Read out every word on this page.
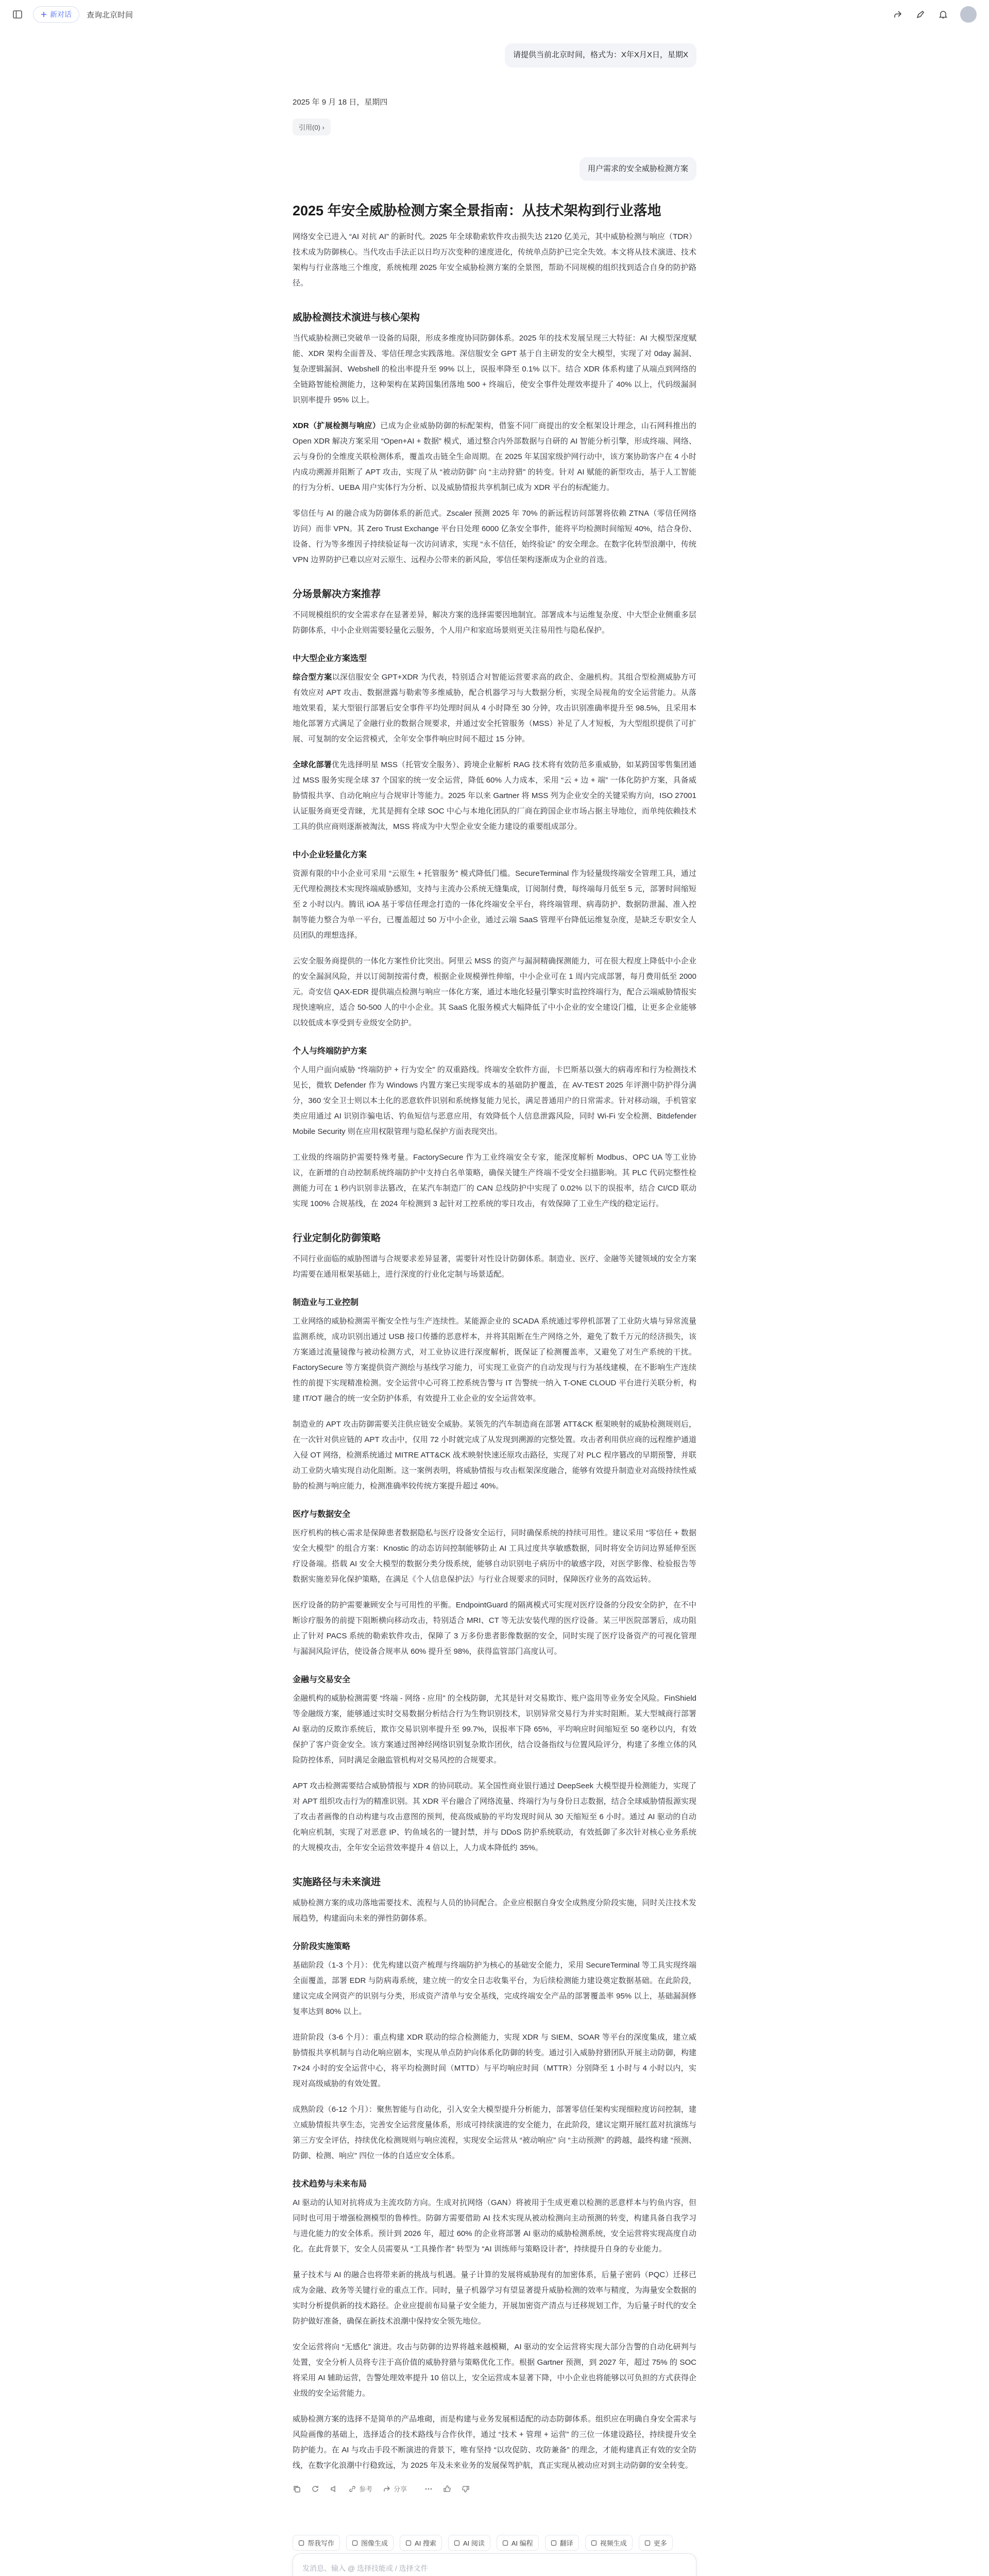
新对话 查询北京时间
请提供当前北京时间，格式为：X年X月X日，星期X
2025 年 9 月 18 日，星期四
引用(0) ›
用户需求的安全威胁检测方案
2025 年安全威胁检测方案全景指南：从技术架构到行业落地

网络安全已进入 “AI 对抗 AI” 的新时代。2025 年全球勒索软件攻击损失达 2120 亿美元，其中威胁检测与响应（TDR）技术成为防御核心。当代攻击手法正以日均万次变种的速度进化，传统单点防护已完全失效。本文将从技术演进、技术架构与行业落地三个维度，系统梳理 2025 年安全威胁检测方案的全景图，帮助不同规模的组织找到适合自身的防护路径。

威胁检测技术演进与核心架构

当代威胁检测已突破单一设备的局限，形成多维度协同防御体系。2025 年的技术发展呈现三大特征：AI 大模型深度赋能、XDR 架构全面普及、零信任理念实践落地。深信服安全 GPT 基于自主研发的安全大模型，实现了对 0day 漏洞、复杂逻辑漏洞、Webshell 的检出率提升至 99% 以上，误报率降至 0.1% 以下。结合 XDR 体系构建了从端点到网络的全链路智能检测能力，这种架构在某跨国集团落地 500 + 终端后，使安全事件处理效率提升了 40% 以上，代码级漏洞识别率提升 95% 以上。

XDR（扩展检测与响应）已成为企业威胁防御的标配架构，借鉴不同厂商提出的安全框架设计理念，山石网科推出的 Open XDR 解决方案采用 “Open+AI + 数据” 模式，通过整合内外部数据与自研的 AI 智能分析引擎，形成终端、网络、云与身份的全维度关联检测体系，覆盖攻击链全生命周期。在 2025 年某国家级护网行动中，该方案协助客户在 4 小时内成功溯源并阻断了 APT 攻击，实现了从 “被动防御” 向 “主动狩猎” 的转变。针对 AI 赋能的新型攻击，基于人工智能的行为分析、UEBA 用户实体行为分析、以及威胁情报共享机制已成为 XDR 平台的标配能力。

零信任与 AI 的融合成为防御体系的新范式。Zscaler 预测 2025 年 70% 的新远程访问部署将依赖 ZTNA（零信任网络访问）而非 VPN。其 Zero Trust Exchange 平台日处理 6000 亿条安全事件，能将平均检测时间缩短 40%，结合身份、设备、行为等多维因子持续验证每一次访问请求，实现 “永不信任，始终验证” 的安全理念。在数字化转型浪潮中，传统 VPN 边界防护已难以应对云原生、远程办公带来的新风险，零信任架构逐渐成为企业的首选。

分场景解决方案推荐

不同规模组织的安全需求存在显著差异，解决方案的选择需要因地制宜。部署成本与运维复杂度、中大型企业侧重多层防御体系，中小企业则需要轻量化云服务，个人用户和家庭场景则更关注易用性与隐私保护。

中大型企业方案选型

综合型方案以深信服安全 GPT+XDR 为代表，特别适合对智能运营要求高的政企、金融机构。其组合型检测威胁方可有效应对 APT 攻击、数据泄露与勒索等多维威胁，配合机器学习与大数据分析，实现全局视角的安全运营能力。从落地效果看，某大型银行部署后安全事件平均处理时间从 4 小时降至 30 分钟，攻击识别准确率提升至 98.5%，且采用本地化部署方式满足了金融行业的数据合规要求，并通过安全托管服务（MSS）补足了人才短板，为大型组织提供了可扩展、可复制的安全运营模式，全年安全事件响应时间不超过 15 分钟。

全球化部署优先选择明星 MSS（托管安全服务）、跨境企业解析 RAG 技术将有效防范多重威胁，如某跨国零售集团通过 MSS 服务实现全球 37 个国家的统一安全运营，降低 60% 人力成本，采用 “云 + 边 + 端” 一体化防护方案，具备威胁情报共享、自动化响应与合规审计等能力。2025 年以来 Gartner 将 MSS 列为企业安全的关键采购方向，ISO 27001 认证服务商更受青睐，尤其是拥有全球 SOC 中心与本地化团队的厂商在跨国企业市场占据主导地位，而单纯依赖技术工具的供应商则逐渐被淘汰，MSS 将成为中大型企业安全能力建设的重要组成部分。

中小企业轻量化方案

资源有限的中小企业可采用 “云原生 + 托管服务” 模式降低门槛。SecureTerminal 作为轻量级终端安全管理工具，通过无代理检测技术实现终端威胁感知，支持与主流办公系统无缝集成，订阅制付费，每终端每月低至 5 元，部署时间缩短至 2 小时以内。腾讯 iOA 基于零信任理念打造的一体化终端安全平台，将终端管理、病毒防护、数据防泄漏、准入控制等能力整合为单一平台，已覆盖超过 50 万中小企业，通过云端 SaaS 管理平台降低运维复杂度，是缺乏专职安全人员团队的理想选择。

云安全服务商提供的一体化方案性价比突出。阿里云 MSS 的资产与漏洞精确探测能力，可在很大程度上降低中小企业的安全漏洞风险，并以订阅制按需付费，根据企业规模弹性伸缩，中小企业可在 1 周内完成部署，每月费用低至 2000 元。奇安信 QAX-EDR 提供端点检测与响应一体化方案，通过本地化轻量引擎实时监控终端行为，配合云端威胁情报实现快速响应，适合 50-500 人的中小企业。其 SaaS 化服务模式大幅降低了中小企业的安全建设门槛，让更多企业能够以较低成本享受到专业级安全防护。

个人与终端防护方案

个人用户面向威胁 “终端防护 + 行为安全” 的双重路线。终端安全软件方面，卡巴斯基以强大的病毒库和行为检测技术见长，微软 Defender 作为 Windows 内置方案已实现零成本的基础防护覆盖，在 AV-TEST 2025 年评测中防护得分满分，360 安全卫士则以本土化的恶意软件识别和系统修复能力见长，满足普通用户的日常需求。针对移动端，手机管家类应用通过 AI 识别诈骗电话、钓鱼短信与恶意应用，有效降低个人信息泄露风险，同时 Wi-Fi 安全检测、Bitdefender Mobile Security 则在应用权限管理与隐私保护方面表现突出。

工业级的终端防护需要特殊考量。FactorySecure 作为工业终端安全专家，能深度解析 Modbus、OPC UA 等工业协议，在新增的自动控制系统终端防护中支持白名单策略，确保关键生产终端不受安全扫描影响。其 PLC 代码完整性检测能力可在 1 秒内识别非法篡改，在某汽车制造厂的 CAN 总线防护中实现了 0.02% 以下的误报率，结合 CI/CD 联动实现 100% 合规基线，在 2024 年检测到 3 起针对工控系统的零日攻击，有效保障了工业生产线的稳定运行。

行业定制化防御策略

不同行业面临的威胁图谱与合规要求差异显著，需要针对性设计防御体系。制造业、医疗、金融等关键领域的安全方案均需要在通用框架基础上，进行深度的行业化定制与场景适配。

制造业与工业控制

工业网络的威胁检测需平衡安全性与生产连续性。某能源企业的 SCADA 系统通过零停机部署了工业防火墙与异常流量监测系统，成功识别出通过 USB 接口传播的恶意样本，并将其阻断在生产网络之外，避免了数千万元的经济损失，该方案通过流量镜像与被动检测方式，对工业协议进行深度解析，既保证了检测覆盖率，又避免了对生产系统的干扰。FactorySecure 等方案提供资产测绘与基线学习能力，可实现工业资产的自动发现与行为基线建模，在不影响生产连续性的前提下实现精准检测。安全运营中心可将工控系统告警与 IT 告警统一纳入 T-ONE CLOUD 平台进行关联分析，构建 IT/OT 融合的统一安全防护体系，有效提升工业企业的安全运营效率。

制造业的 APT 攻击防御需要关注供应链安全威胁。某领先的汽车制造商在部署 ATT&CK 框架映射的威胁检测规则后，在一次针对供应链的 APT 攻击中，仅用 72 小时就完成了从发现到溯源的完整处置。攻击者利用供应商的远程维护通道入侵 OT 网络，检测系统通过 MITRE ATT&CK 战术映射快速还原攻击路径，实现了对 PLC 程序篡改的早期预警，并联动工业防火墙实现自动化阻断。这一案例表明，将威胁情报与攻击框架深度融合，能够有效提升制造业对高级持续性威胁的检测与响应能力，检测准确率较传统方案提升超过 40%。

医疗与数据安全

医疗机构的核心需求是保障患者数据隐私与医疗设备安全运行，同时确保系统的持续可用性。建议采用 “零信任 + 数据安全大模型” 的组合方案：Knostic 的动态访问控制能够防止 AI 工具过度共享敏感数据，同时将安全访问边界延伸至医疗设备端。搭载 AI 安全大模型的数据分类分级系统，能够自动识别电子病历中的敏感字段，对医学影像、检验报告等数据实施差异化保护策略，在满足《个人信息保护法》与行业合规要求的同时，保障医疗业务的高效运转。

医疗设备的防护需要兼顾安全与可用性的平衡。EndpointGuard 的隔离模式可实现对医疗设备的分段安全防护，在不中断诊疗服务的前提下阻断横向移动攻击，特别适合 MRI、CT 等无法安装代理的医疗设备。某三甲医院部署后，成功阻止了针对 PACS 系统的勒索软件攻击，保障了 3 万多份患者影像数据的安全，同时实现了医疗设备资产的可视化管理与漏洞风险评估，使设备合规率从 60% 提升至 98%，获得监管部门高度认可。

金融与交易安全

金融机构的威胁检测需要 “终端 - 网络 - 应用” 的全栈防御，尤其是针对交易欺诈、账户盗用等业务安全风险。FinShield 等金融级方案，能够通过实时交易数据分析结合行为生物识别技术，识别异常交易行为并实时阻断。某大型城商行部署 AI 驱动的反欺诈系统后，欺诈交易识别率提升至 99.7%，误报率下降 65%，平均响应时间缩短至 50 毫秒以内，有效保护了客户资金安全。该方案通过图神经网络识别复杂欺诈团伙，结合设备指纹与位置风险评分，构建了多维立体的风险防控体系，同时满足金融监管机构对交易风控的合规要求。

APT 攻击检测需要结合威胁情报与 XDR 的协同联动。某全国性商业银行通过 DeepSeek 大模型提升检测能力，实现了对 APT 组织攻击行为的精准识别。其 XDR 平台融合了网络流量、终端行为与身份日志数据，结合全球威胁情报源实现了攻击者画像的自动构建与攻击意图的预判，使高级威胁的平均发现时间从 30 天缩短至 6 小时。通过 AI 驱动的自动化响应机制，实现了对恶意 IP、钓鱼域名的一键封禁，并与 DDoS 防护系统联动，有效抵御了多次针对核心业务系统的大规模攻击，全年安全运营效率提升 4 倍以上，人力成本降低约 35%。

实施路径与未来演进

威胁检测方案的成功落地需要技术、流程与人员的协同配合。企业应根据自身安全成熟度分阶段实施，同时关注技术发展趋势，构建面向未来的弹性防御体系。

分阶段实施策略

基础阶段（1-3 个月）：优先构建以资产梳理与终端防护为核心的基础安全能力，采用 SecureTerminal 等工具实现终端全面覆盖，部署 EDR 与防病毒系统，建立统一的安全日志收集平台，为后续检测能力建设奠定数据基础。在此阶段，建议完成全网资产的识别与分类，形成资产清单与安全基线，完成终端安全产品的部署覆盖率 95% 以上，基础漏洞修复率达到 80% 以上。

进阶阶段（3-6 个月）：重点构建 XDR 联动的综合检测能力，实现 XDR 与 SIEM、SOAR 等平台的深度集成，建立威胁情报共享机制与自动化响应剧本，实现从单点防护向体系化防御的转变。通过引入威胁狩猎团队开展主动防御，构建 7×24 小时的安全运营中心，将平均检测时间（MTTD）与平均响应时间（MTTR）分别降至 1 小时与 4 小时以内，实现对高级威胁的有效处置。

成熟阶段（6-12 个月）：聚焦智能与自动化，引入安全大模型提升分析能力，部署零信任架构实现细粒度访问控制，建立威胁情报共享生态，完善安全运营度量体系，形成可持续演进的安全能力，在此阶段，建议定期开展红蓝对抗演练与第三方安全评估，持续优化检测规则与响应流程，实现安全运营从 “被动响应” 向 “主动预测” 的跨越，最终构建 “预测、防御、检测、响应” 四位一体的自适应安全体系。

技术趋势与未来布局

AI 驱动的认知对抗将成为主流攻防方向。生成对抗网络（GAN）将被用于生成更难以检测的恶意样本与钓鱼内容，但同时也可用于增强检测模型的鲁棒性。防御方需要借助 AI 技术实现从被动检测向主动预测的转变，构建具备自我学习与进化能力的安全体系。预计到 2026 年，超过 60% 的企业将部署 AI 驱动的威胁检测系统，安全运营将实现高度自动化。在此背景下，安全人员需要从 “工具操作者” 转型为 “AI 训练师与策略设计者”，持续提升自身的专业能力。

量子技术与 AI 的融合也将带来新的挑战与机遇。量子计算的发展将威胁现有的加密体系，后量子密码（PQC）迁移已成为金融、政务等关键行业的重点工作。同时，量子机器学习有望显著提升威胁检测的效率与精度，为海量安全数据的实时分析提供新的技术路径。企业应提前布局量子安全能力，开展加密资产清点与迁移规划工作，为后量子时代的安全防护做好准备，确保在新技术浪潮中保持安全领先地位。

安全运营将向 “无感化” 演进。攻击与防御的边界将越来越模糊，AI 驱动的安全运营将实现大部分告警的自动化研判与处置，安全分析人员将专注于高价值的威胁狩猎与策略优化工作。根据 Gartner 预测，到 2027 年，超过 75% 的 SOC 将采用 AI 辅助运营，告警处理效率提升 10 倍以上，安全运营成本显著下降，中小企业也将能够以可负担的方式获得企业级的安全运营能力。

威胁检测方案的选择不是简单的产品堆砌，而是构建与业务发展相适配的动态防御体系。组织应在明确自身安全需求与风险画像的基础上，选择适合的技术路线与合作伙伴，通过 “技术 + 管理 + 运营” 的三位一体建设路径，持续提升安全防护能力。在 AI 与攻击手段不断演进的背景下，唯有坚持 “以攻促防、攻防兼备” 的理念，才能构建真正有效的安全防线，在数字化浪潮中行稳致远，为 2025 年及未来业务的发展保驾护航，真正实现从被动应对到主动防御的安全转变。

参考	分享
帮我写作	图像生成	AI 搜索	AI 阅读	AI 编程	翻译	视频生成	更多
发消息、输入 @ 选择技能或 / 选择文件
